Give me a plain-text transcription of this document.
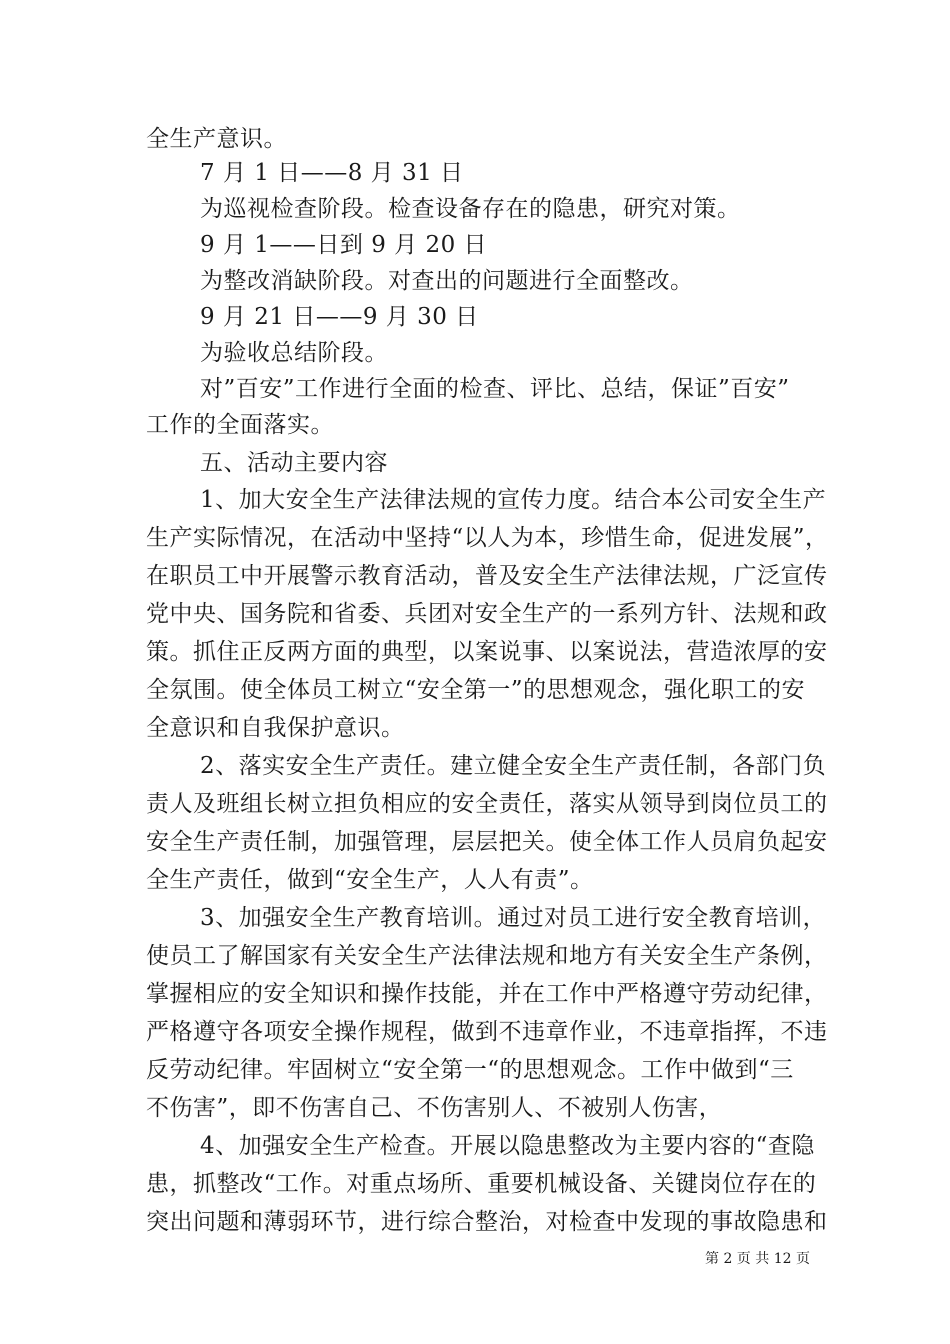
全生产意识。
7 月 1 日——8 月 31 日
为巡视检查阶段。检查设备存在的隐患，研究对策。
9 月 1——日到 9 月 20 日
为整改消缺阶段。对查出的问题进行全面整改。
9 月 21 日——9 月 30 日
为验收总结阶段。
对”百安”工作进行全面的检查、评比、总结，保证”百安”
工作的全面落实。
五、活动主要内容
1、加大安全生产法律法规的宣传力度。结合本公司安全生产
生产实际情况，在活动中坚持“以人为本，珍惜生命，促进发展”，
在职员工中开展警示教育活动，普及安全生产法律法规，广泛宣传
党中央、国务院和省委、兵团对安全生产的一系列方针、法规和政
策。抓住正反两方面的典型，以案说事、以案说法，营造浓厚的安
全氛围。使全体员工树立“安全第一”的思想观念，强化职工的安
全意识和自我保护意识。
2、落实安全生产责任。建立健全安全生产责任制，各部门负
责人及班组长树立担负相应的安全责任，落实从领导到岗位员工的
安全生产责任制，加强管理，层层把关。使全体工作人员肩负起安
全生产责任，做到“安全生产，人人有责”。
3、加强安全生产教育培训。通过对员工进行安全教育培训，
使员工了解国家有关安全生产法律法规和地方有关安全生产条例，
掌握相应的安全知识和操作技能，并在工作中严格遵守劳动纪律，
严格遵守各项安全操作规程，做到不违章作业，不违章指挥，不违
反劳动纪律。牢固树立“安全第一“的思想观念。工作中做到“三
不伤害”，即不伤害自己、不伤害别人、不被别人伤害，
4、加强安全生产检查。开展以隐患整改为主要内容的“查隐
患，抓整改“工作。对重点场所、重要机械设备、关键岗位存在的
突出问题和薄弱环节，进行综合整治，对检查中发现的事故隐患和
第 2 页 共 12 页
